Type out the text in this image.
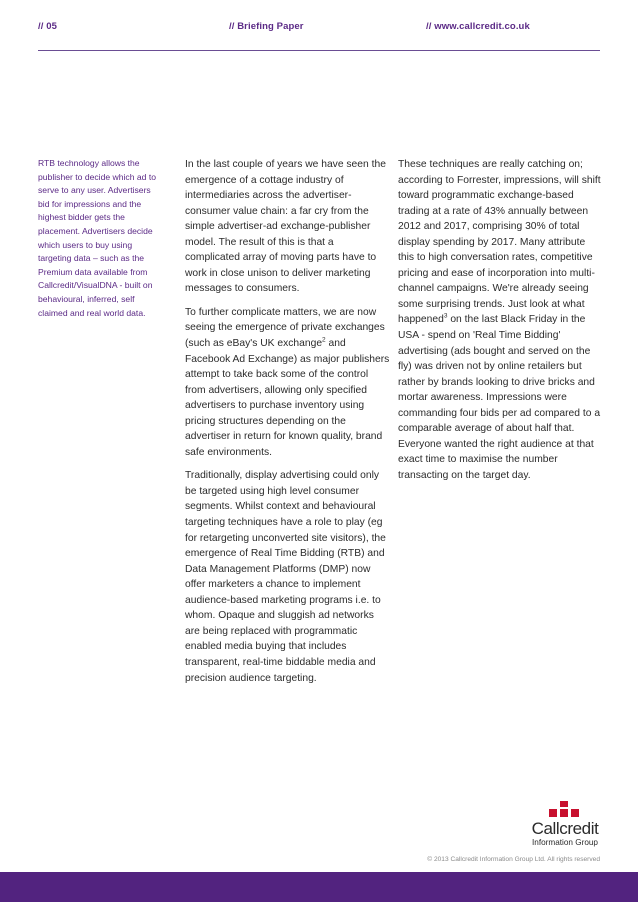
// 05	// Briefing Paper	// www.callcredit.co.uk

RTB technology allows the publisher to decide which ad to serve to any user. Advertisers bid for impressions and the highest bidder gets the placement. Advertisers decide which users to buy using targeting data – such as the Premium data available from Callcredit/VisualDNA - built on behavioural, inferred, self claimed and real world data.

In the last couple of years we have seen the emergence of a cottage industry of intermediaries across the advertiser-consumer value chain: a far cry from the simple advertiser-ad exchange-publisher model. The result of this is that a complicated array of moving parts have to work in close unison to deliver marketing messages to consumers.

To further complicate matters, we are now seeing the emergence of private exchanges (such as eBay's UK exchange$^2$ and Facebook Ad Exchange) as major publishers attempt to take back some of the control from advertisers, allowing only specified advertisers to purchase inventory using pricing structures depending on the advertiser in return for known quality, brand safe environments.

Traditionally, display advertising could only be targeted using high level consumer segments. Whilst context and behavioural targeting techniques have a role to play (eg for retargeting unconverted site visitors), the emergence of Real Time Bidding (RTB) and Data Management Platforms (DMP) now offer marketers a chance to implement audience-based marketing programs i.e. to whom. Opaque and sluggish ad networks are being replaced with programmatic enabled media buying that includes transparent, real-time biddable media and precision audience targeting.

These techniques are really catching on; according to Forrester, impressions, will shift toward programmatic exchange-based trading at a rate of 43% annually between 2012 and 2017, comprising 30% of total display spending by 2017. Many attribute this to high conversation rates, competitive pricing and ease of incorporation into multi-channel campaigns. We're already seeing some surprising trends. Just look at what happened$^3$ on the last Black Friday in the USA - spend on 'Real Time Bidding' advertising (ads bought and served on the fly) was driven not by online retailers but rather by brands looking to drive bricks and mortar awareness. Impressions were commanding four bids per ad compared to a comparable average of about half that. Everyone wanted the right audience at that exact time to maximise the number transacting on the target day.

Callcredit
Information Group
© 2013 Callcredit Information Group Ltd. All rights reserved
